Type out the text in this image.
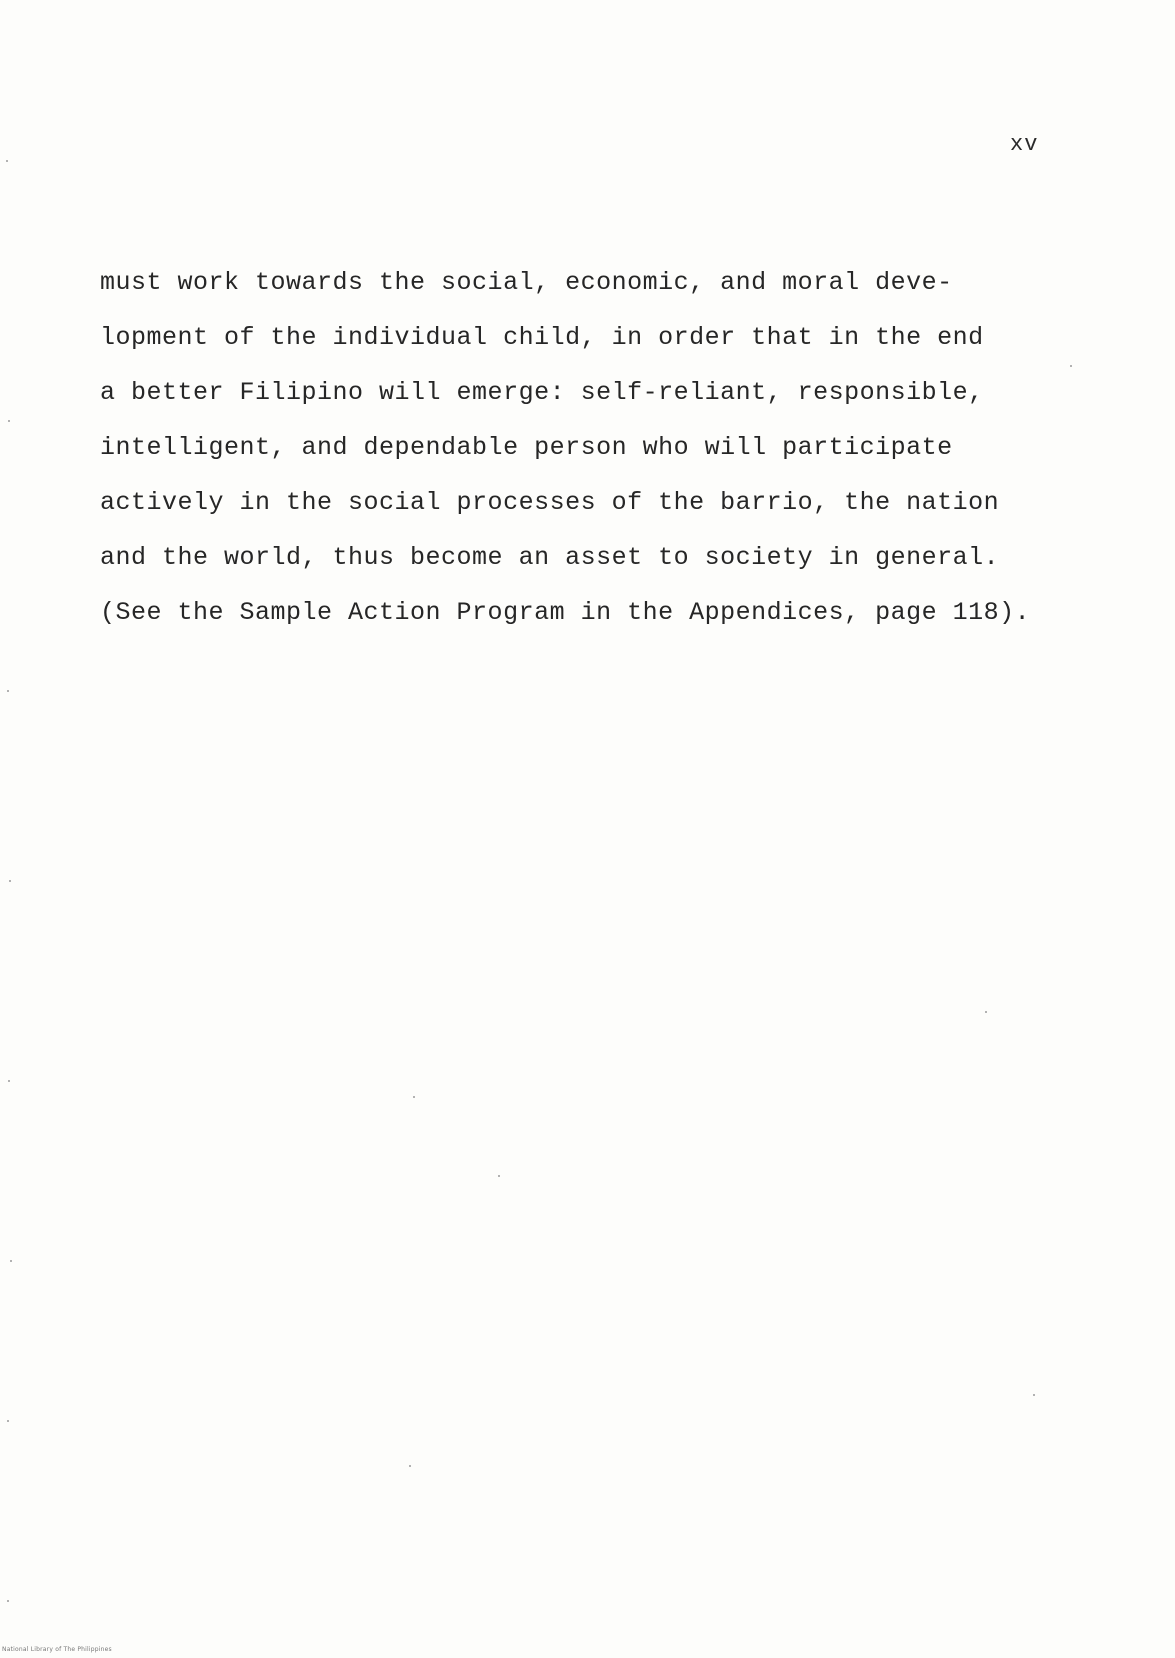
xv
must work towards the social, economic, and moral deve-
lopment of the individual child, in order that in the end
a better Filipino will emerge: self-reliant, responsible,
intelligent, and dependable person who will participate
actively in the social processes of the barrio, the nation
and the world, thus become an asset to society in general.
(See the Sample Action Program in the Appendices, page 118).
National Library of The Philippines
